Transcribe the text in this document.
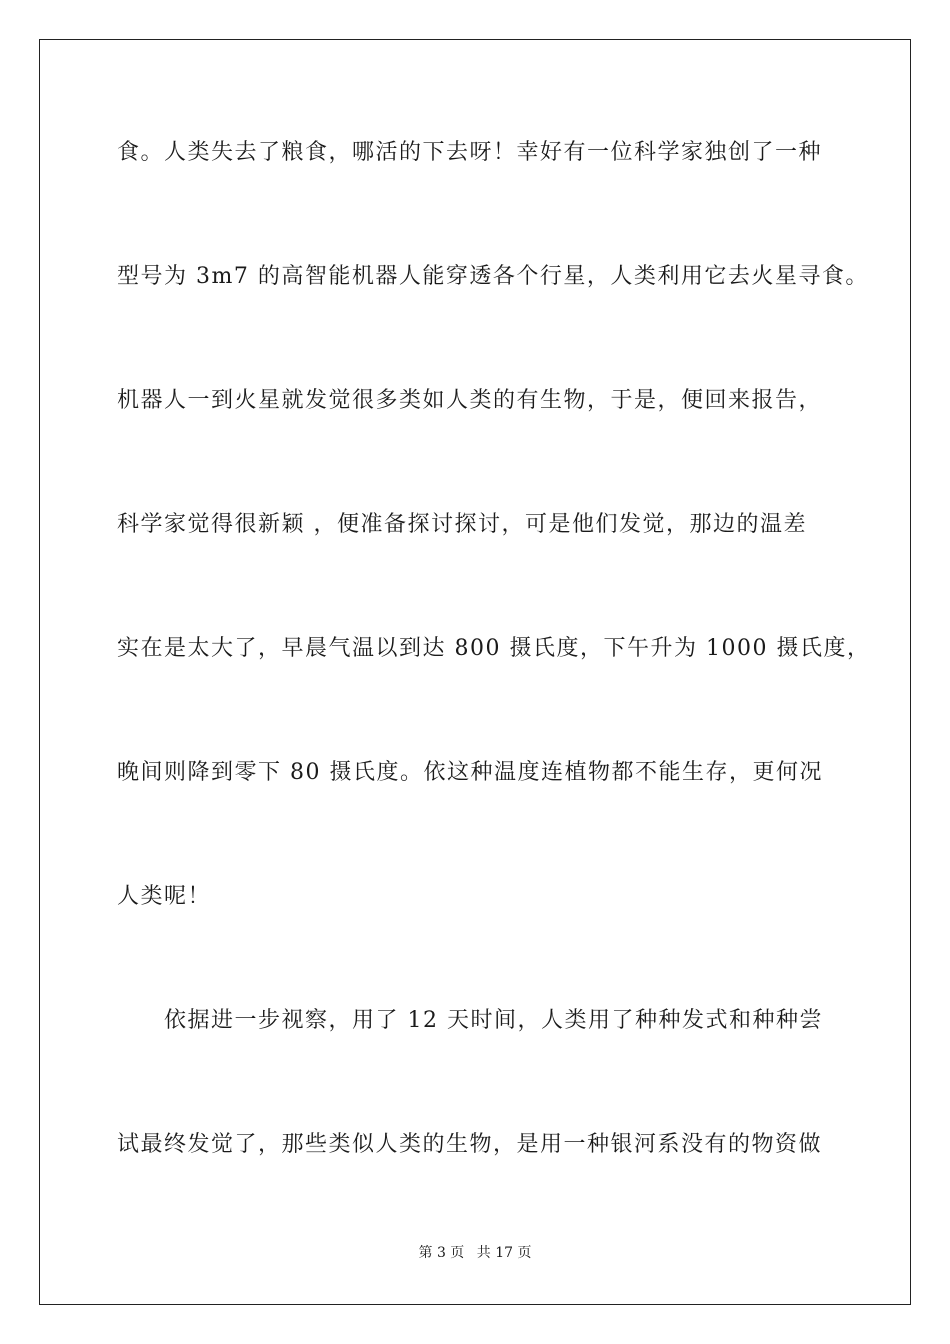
食。人类失去了粮食，哪活的下去呀！幸好有一位科学家独创了一种
型号为 3m7 的高智能机器人能穿透各个行星，人类利用它去火星寻食。
机器人一到火星就发觉很多类如人类的有生物，于是，便回来报告，
科学家觉得很新颖 ，便准备探讨探讨，可是他们发觉，那边的温差
实在是太大了，早晨气温以到达 800 摄氏度，下午升为 1000 摄氏度，
晚间则降到零下 80 摄氏度。依这种温度连植物都不能生存，更何况
人类呢！
　　依据进一步视察，用了 12 天时间，人类用了种种发式和种种尝
试最终发觉了，那些类似人类的生物，是用一种银河系没有的物资做
第 3 页 共 17 页
